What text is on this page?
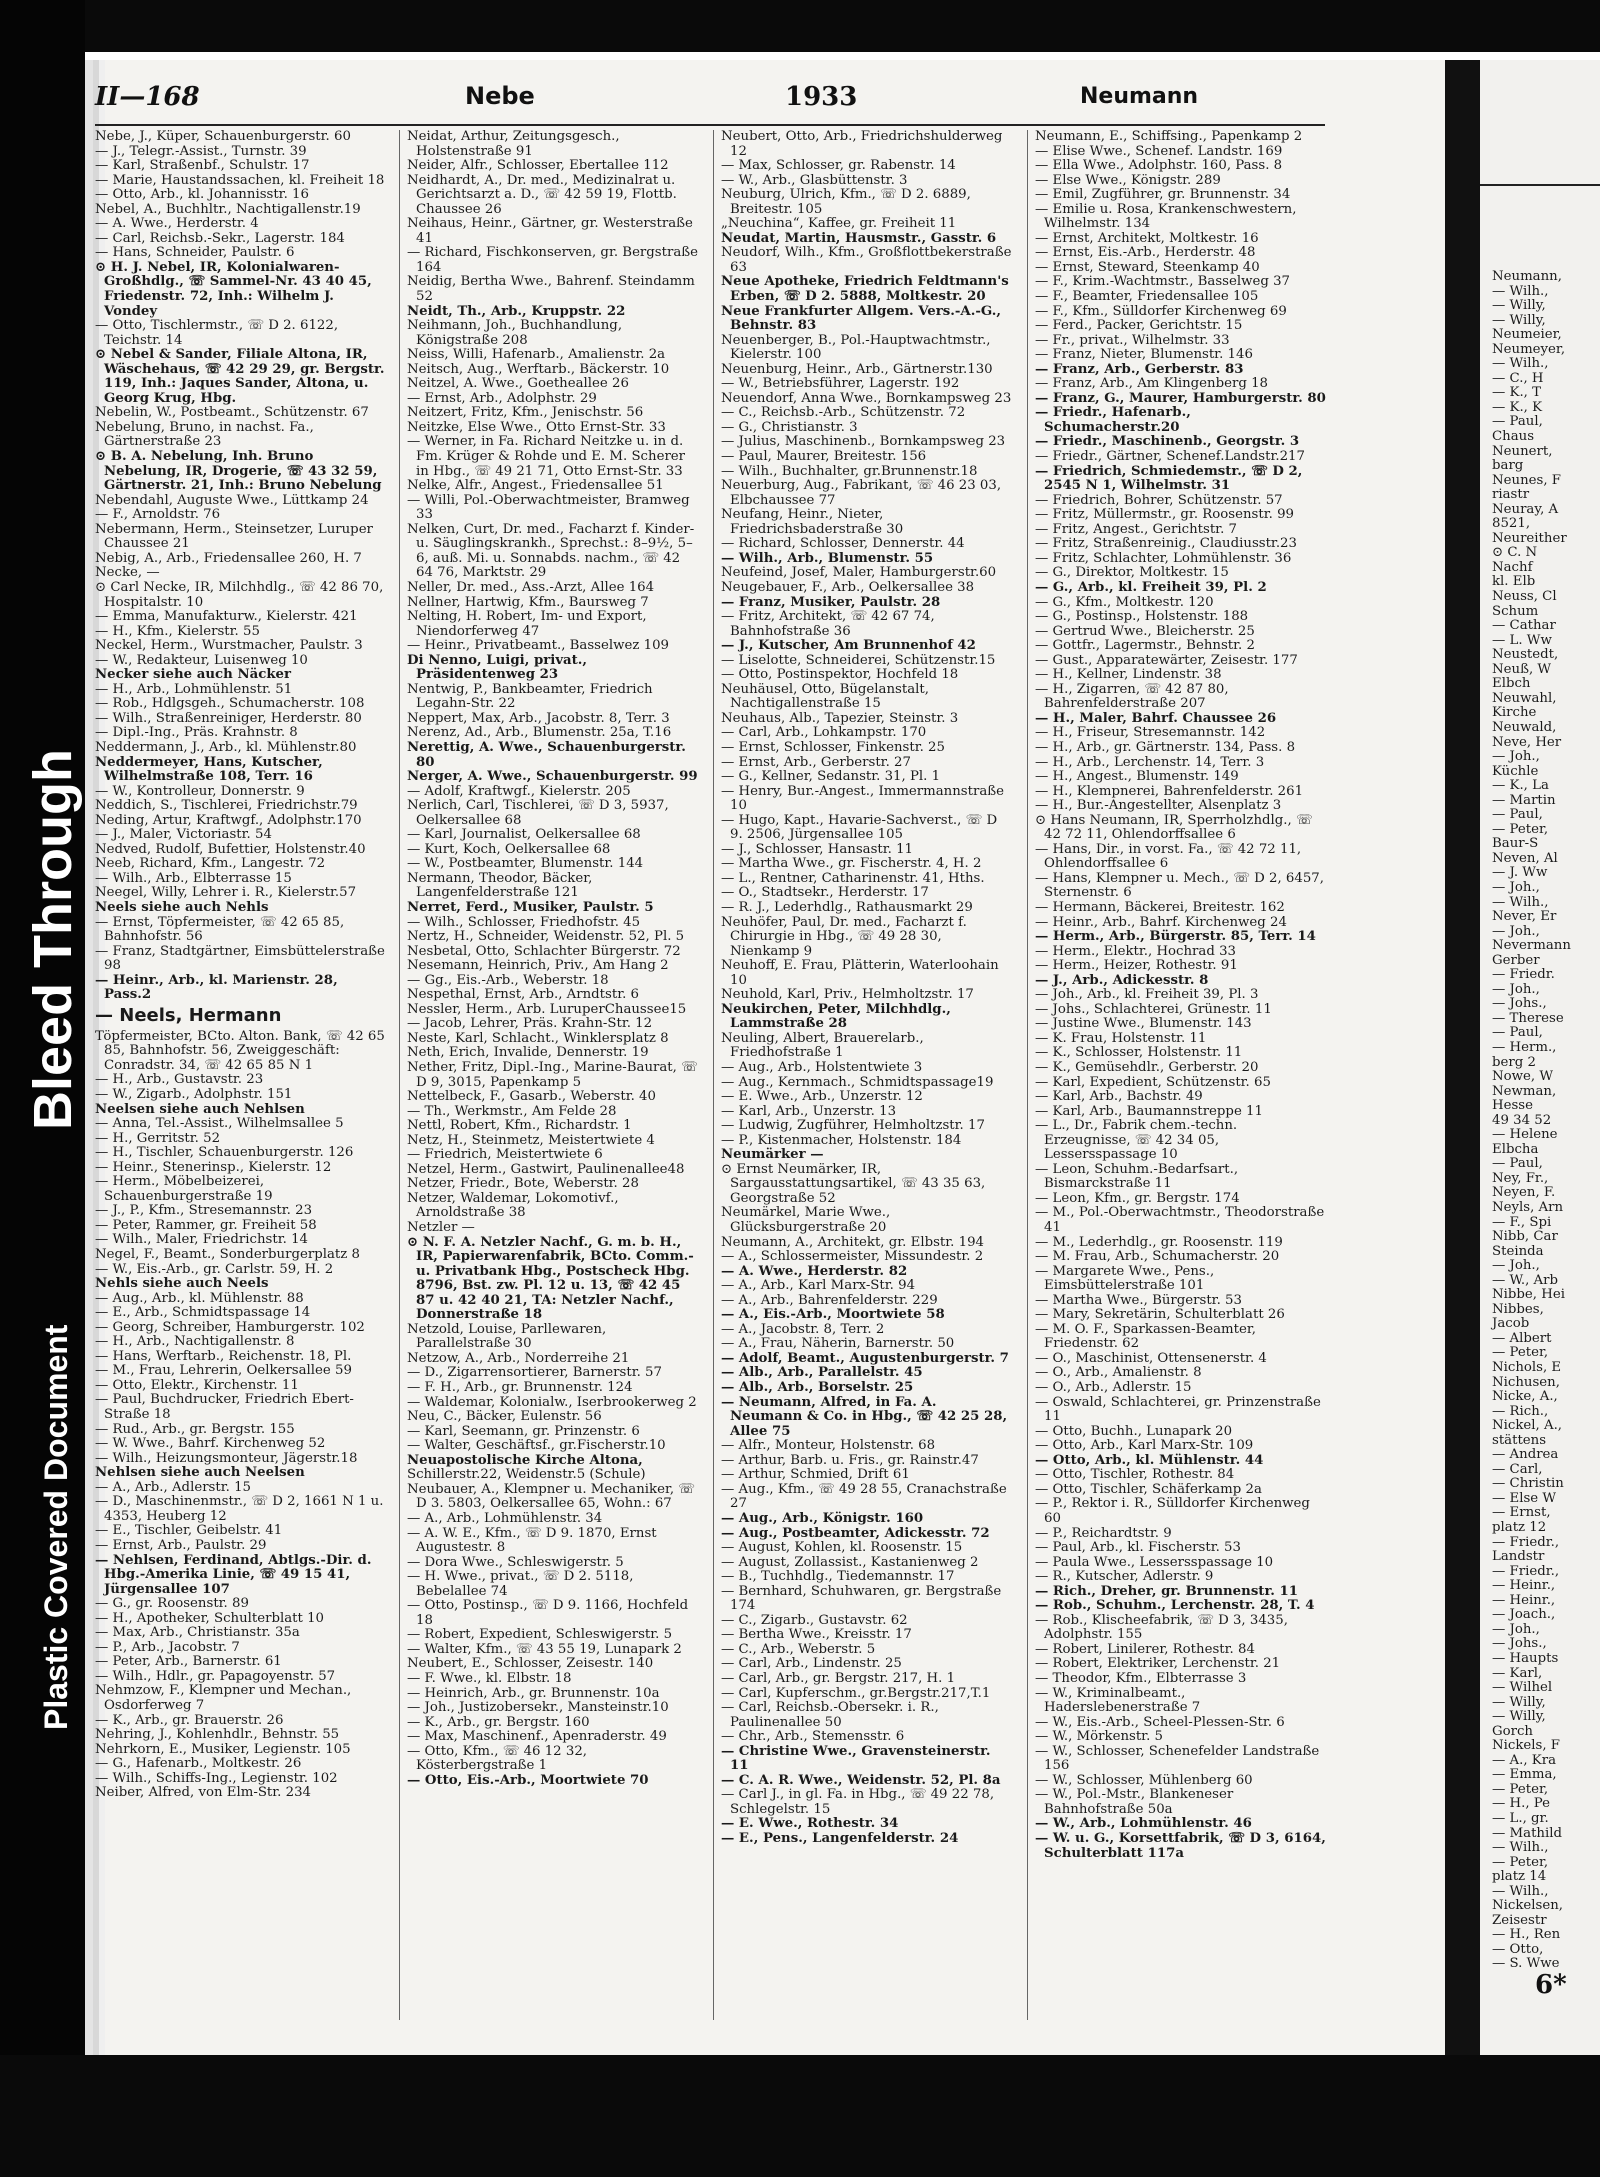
Bleed Through
Plastic Covered Document
II—168	Nebe	1933	Neumann
Nebe, J., Küper, Schauenburgerstr. 60
— J., Telegr.-Assist., Turnstr. 39
— Karl, Straßenbf., Schulstr. 17
— Marie, Haustandssachen, kl. Freiheit 18
— Otto, Arb., kl. Johannisstr. 16
Nebel, A., Buchhltr., Nachtigallenstr.19
— A. Wwe., Herderstr. 4
— Carl, Reichsb.-Sekr., Lagerstr. 184
— Hans, Schneider, Paulstr. 6
⊙ H. J. Nebel, IR, Kolonialwaren-Großhdlg., ☏ Sammel-Nr. 43 40 45, Friedenstr. 72, Inh.: Wilhelm J. Vondey
— Otto, Tischlermstr., ☏ D 2. 6122, Teichstr. 14
⊙ Nebel & Sander, Filiale Altona, IR, Wäschehaus, ☏ 42 29 29, gr. Bergstr. 119, Inh.: Jaques Sander, Altona, u. Georg Krug, Hbg.
Nebelin, W., Postbeamt., Schützenstr. 67
Nebelung, Bruno, in nachst. Fa., Gärtnerstraße 23
⊙ B. A. Nebelung, Inh. Bruno Nebelung, IR, Drogerie, ☏ 43 32 59, Gärtnerstr. 21, Inh.: Bruno Nebelung
Nebendahl, Auguste Wwe., Lüttkamp 24
— F., Arnoldstr. 76
Nebermann, Herm., Steinsetzer, Luruper Chaussee 21
Nebig, A., Arb., Friedensallee 260, H. 7
Necke, —
⊙ Carl Necke, IR, Milchhdlg., ☏ 42 86 70, Hospitalstr. 10
— Emma, Manufakturw., Kielerstr. 421
— H., Kfm., Kielerstr. 55
Neckel, Herm., Wurstmacher, Paulstr. 3
— W., Redakteur, Luisenweg 10
Necker siehe auch Näcker
— H., Arb., Lohmühlenstr. 51
— Rob., Hdlgsgeh., Schumacherstr. 108
— Wilh., Straßenreiniger, Herderstr. 80
— Dipl.-Ing., Präs. Krahnstr. 8
Neddermann, J., Arb., kl. Mühlenstr.80
Neddermeyer, Hans, Kutscher, Wilhelmstraße 108, Terr. 16
— W., Kontrolleur, Donnerstr. 9
Neddich, S., Tischlerei, Friedrichstr.79
Neding, Artur, Kraftwgf., Adolphstr.170
— J., Maler, Victoriastr. 54
Nedved, Rudolf, Bufettier, Holstenstr.40
Neeb, Richard, Kfm., Langestr. 72
— Wilh., Arb., Elbterrasse 15
Neegel, Willy, Lehrer i. R., Kielerstr.57
Neels siehe auch Nehls
— Ernst, Töpfermeister, ☏ 42 65 85, Bahnhofstr. 56
— Franz, Stadtgärtner, Eimsbüttelerstraße 98
— Heinr., Arb., kl. Marienstr. 28, Pass.2
— Neels, Hermann
Töpfermeister, BCto. Alton. Bank, ☏ 42 65 85, Bahnhofstr. 56, Zweiggeschäft: Conradstr. 34, ☏ 42 65 85 N 1
— H., Arb., Gustavstr. 23
— W., Zigarb., Adolphstr. 151
Neelsen siehe auch Nehlsen
— Anna, Tel.-Assist., Wilhelmsallee 5
— H., Gerritstr. 52
— H., Tischler, Schauenburgerstr. 126
— Heinr., Stenerinsp., Kielerstr. 12
— Herm., Möbelbeizerei, Schauenburgerstraße 19
— J., P., Kfm., Stresemannstr. 23
— Peter, Rammer, gr. Freiheit 58
— Wilh., Maler, Friedrichstr. 14
Negel, F., Beamt., Sonderburgerplatz 8
— W., Eis.-Arb., gr. Carlstr. 59, H. 2
Nehls siehe auch Neels
— Aug., Arb., kl. Mühlenstr. 88
— E., Arb., Schmidtspassage 14
— Georg, Schreiber, Hamburgerstr. 102
— H., Arb., Nachtigallenstr. 8
— Hans, Werftarb., Reichenstr. 18, Pl.
— M., Frau, Lehrerin, Oelkersallee 59
— Otto, Elektr., Kirchenstr. 11
— Paul, Buchdrucker, Friedrich Ebert-Straße 18
— Rud., Arb., gr. Bergstr. 155
— W. Wwe., Bahrf. Kirchenweg 52
— Wilh., Heizungsmonteur, Jägerstr.18
Nehlsen siehe auch Neelsen
— A., Arb., Adlerstr. 15
— D., Maschinenmstr., ☏ D 2, 1661 N 1 u. 4353, Heuberg 12
— E., Tischler, Geibelstr. 41
— Ernst, Arb., Paulstr. 29
— Nehlsen, Ferdinand, Abtlgs.-Dir. d. Hbg.-Amerika Linie, ☏ 49 15 41, Jürgensallee 107
— G., gr. Roosenstr. 89
— H., Apotheker, Schulterblatt 10
— Max, Arb., Christianstr. 35a
— P., Arb., Jacobstr. 7
— Peter, Arb., Barnerstr. 61
— Wilh., Hdlr., gr. Papagoyenstr. 57
Nehmzow, F., Klempner und Mechan., Osdorferweg 7
— K., Arb., gr. Brauerstr. 26
Nehring, J., Kohlenhdlr., Behnstr. 55
Nehrkorn, E., Musiker, Legienstr. 105
— G., Hafenarb., Moltkestr. 26
— Wilh., Schiffs-Ing., Legienstr. 102
Neiber, Alfred, von Elm-Str. 234
Neidat, Arthur, Zeitungsgesch., Holstenstraße 91
Neider, Alfr., Schlosser, Ebertallee 112
Neidhardt, A., Dr. med., Medizinalrat u. Gerichtsarzt a. D., ☏ 42 59 19, Flottb. Chaussee 26
Neihaus, Heinr., Gärtner, gr. Westerstraße 41
— Richard, Fischkonserven, gr. Bergstraße 164
Neidig, Bertha Wwe., Bahrenf. Steindamm 52
Neidt, Th., Arb., Kruppstr. 22
Neihmann, Joh., Buchhandlung, Königstraße 208
Neiss, Willi, Hafenarb., Amalienstr. 2a
Neitsch, Aug., Werftarb., Bäckerstr. 10
Neitzel, A. Wwe., Goetheallee 26
— Ernst, Arb., Adolphstr. 29
Neitzert, Fritz, Kfm., Jenischstr. 56
Neitzke, Else Wwe., Otto Ernst-Str. 33
— Werner, in Fa. Richard Neitzke u. in d. Fm. Krüger & Rohde und E. M. Scherer in Hbg., ☏ 49 21 71, Otto Ernst-Str. 33
Nelke, Alfr., Angest., Friedensallee 51
— Willi, Pol.-Oberwachtmeister, Bramweg 33
Nelken, Curt, Dr. med., Facharzt f. Kinder- u. Säuglingskrankh., Sprechst.: 8–9½, 5–6, auß. Mi. u. Sonnabds. nachm., ☏ 42 64 76, Marktstr. 29
Neller, Dr. med., Ass.-Arzt, Allee 164
Nellner, Hartwig, Kfm., Baursweg 7
Nelting, H. Robert, Im- und Export, Niendorferweg 47
— Heinr., Privatbeamt., Basselwez 109
Di Nenno, Luigi, privat., Präsidentenweg 23
Nentwig, P., Bankbeamter, Friedrich Legahn-Str. 22
Neppert, Max, Arb., Jacobstr. 8, Terr. 3
Nerenz, Ad., Arb., Blumenstr. 25a, T.16
Nerettig, A. Wwe., Schauenburgerstr. 80
Nerger, A. Wwe., Schauenburgerstr. 99
— Adolf, Kraftwgf., Kielerstr. 205
Nerlich, Carl, Tischlerei, ☏ D 3, 5937, Oelkersallee 68
— Karl, Journalist, Oelkersallee 68
— Kurt, Koch, Oelkersallee 68
— W., Postbeamter, Blumenstr. 144
Nermann, Theodor, Bäcker, Langenfelderstraße 121
Nerret, Ferd., Musiker, Paulstr. 5
— Wilh., Schlosser, Friedhofstr. 45
Nertz, H., Schneider, Weidenstr. 52, Pl. 5
Nesbetal, Otto, Schlachter Bürgerstr. 72
Nesemann, Heinrich, Priv., Am Hang 2
— Gg., Eis.-Arb., Weberstr. 18
Nespethal, Ernst, Arb., Arndtstr. 6
Nessler, Herm., Arb. LuruperChaussee15
— Jacob, Lehrer, Präs. Krahn-Str. 12
Neste, Karl, Schlacht., Winklersplatz 8
Neth, Erich, Invalide, Dennerstr. 19
Nether, Fritz, Dipl.-Ing., Marine-Baurat, ☏ D 9, 3015, Papenkamp 5
Nettelbeck, F., Gasarb., Weberstr. 40
— Th., Werkmstr., Am Felde 28
Nettl, Robert, Kfm., Richardstr. 1
Netz, H., Steinmetz, Meistertwiete 4
— Friedrich, Meistertwiete 6
Netzel, Herm., Gastwirt, Paulinenallee48
Netzer, Friedr., Bote, Weberstr. 28
Netzer, Waldemar, Lokomotivf., Arnoldstraße 38
Netzler —
⊙ N. F. A. Netzler Nachf., G. m. b. H., IR, Papierwarenfabrik, BCto. Comm.- u. Privatbank Hbg., Postscheck Hbg. 8796, Bst. zw. Pl. 12 u. 13, ☏ 42 45 87 u. 42 40 21, TA: Netzler Nachf., Donnerstraße 18
Netzold, Louise, Parllewaren, Parallelstraße 30
Netzow, A., Arb., Norderreihe 21
— D., Zigarrensortierer, Barnerstr. 57
— F. H., Arb., gr. Brunnenstr. 124
— Waldemar, Kolonialw., Iserbrookerweg 2
Neu, C., Bäcker, Eulenstr. 56
— Karl, Seemann, gr. Prinzenstr. 6
— Walter, Geschäftsf., gr.Fischerstr.10
Neuapostolische Kirche Altona,
Schillerstr.22, Weidenstr.5 (Schule)
Neubauer, A., Klempner u. Mechaniker, ☏ D 3. 5803, Oelkersallee 65, Wohn.: 67
— A., Arb., Lohmühlenstr. 34
— A. W. E., Kfm., ☏ D 9. 1870, Ernst Augustestr. 8
— Dora Wwe., Schleswigerstr. 5
— H. Wwe., privat., ☏ D 2. 5118, Bebelallee 74
— Otto, Postinsp., ☏ D 9. 1166, Hochfeld 18
— Robert, Expedient, Schleswigerstr. 5
— Walter, Kfm., ☏ 43 55 19, Lunapark 2
Neubert, E., Schlosser, Zeisestr. 140
— F. Wwe., kl. Elbstr. 18
— Heinrich, Arb., gr. Brunnenstr. 10a
— Joh., Justizobersekr., Mansteinstr.10
— K., Arb., gr. Bergstr. 160
— Max, Maschinenf., Apenraderstr. 49
— Otto, Kfm., ☏ 46 12 32, Kösterbergstraße 1
— Otto, Eis.-Arb., Moortwiete 70
Neubert, Otto, Arb., Friedrichshulderweg 12
— Max, Schlosser, gr. Rabenstr. 14
— W., Arb., Glasbüttenstr. 3
Neuburg, Ulrich, Kfm., ☏ D 2. 6889, Breitestr. 105
„Neuchina“, Kaffee, gr. Freiheit 11
Neudat, Martin, Hausmstr., Gasstr. 6
Neudorf, Wilh., Kfm., Großflottbekerstraße 63
Neue Apotheke, Friedrich Feldtmann's Erben, ☏ D 2. 5888, Moltkestr. 20
Neue Frankfurter Allgem. Vers.-A.-G., Behnstr. 83
Neuenberger, B., Pol.-Hauptwachtmstr., Kielerstr. 100
Neuenburg, Heinr., Arb., Gärtnerstr.130
— W., Betriebsführer, Lagerstr. 192
Neuendorf, Anna Wwe., Bornkampsweg 23
— C., Reichsb.-Arb., Schützenstr. 72
— G., Christianstr. 3
— Julius, Maschinenb., Bornkampsweg 23
— Paul, Maurer, Breitestr. 156
— Wilh., Buchhalter, gr.Brunnenstr.18
Neuerburg, Aug., Fabrikant, ☏ 46 23 03, Elbchaussee 77
Neufang, Heinr., Nieter, Friedrichsbaderstraße 30
— Richard, Schlosser, Dennerstr. 44
— Wilh., Arb., Blumenstr. 55
Neufeind, Josef, Maler, Hamburgerstr.60
Neugebauer, F., Arb., Oelkersallee 38
— Franz, Musiker, Paulstr. 28
— Fritz, Architekt, ☏ 42 67 74, Bahnhofstraße 36
— J., Kutscher, Am Brunnenhof 42
— Liselotte, Schneiderei, Schützenstr.15
— Otto, Postinspektor, Hochfeld 18
Neuhäusel, Otto, Bügelanstalt, Nachtigallenstraße 15
Neuhaus, Alb., Tapezier, Steinstr. 3
— Carl, Arb., Lohkampstr. 170
— Ernst, Schlosser, Finkenstr. 25
— Ernst, Arb., Gerberstr. 27
— G., Kellner, Sedanstr. 31, Pl. 1
— Henry, Bur.-Angest., Immermannstraße 10
— Hugo, Kapt., Havarie-Sachverst., ☏ D 9. 2506, Jürgensallee 105
— J., Schlosser, Hansastr. 11
— Martha Wwe., gr. Fischerstr. 4, H. 2
— L., Rentner, Catharinenstr. 41, Hths.
— O., Stadtsekr., Herderstr. 17
— R. J., Lederhdlg., Rathausmarkt 29
Neuhöfer, Paul, Dr. med., Facharzt f. Chirurgie in Hbg., ☏ 49 28 30, Nienkamp 9
Neuhoff, E. Frau, Plätterin, Waterloohain 10
Neuhold, Karl, Priv., Helmholtzstr. 17
Neukirchen, Peter, Milchhdlg., Lammstraße 28
Neuling, Albert, Brauerelarb., Friedhofstraße 1
— Aug., Arb., Holstentwiete 3
— Aug., Kernmach., Schmidtspassage19
— E. Wwe., Arb., Unzerstr. 12
— Karl, Arb., Unzerstr. 13
— Ludwig, Zugführer, Helmholtzstr. 17
— P., Kistenmacher, Holstenstr. 184
Neumärker —
⊙ Ernst Neumärker, IR, Sargausstattungsartikel, ☏ 43 35 63, Georgstraße 52
Neumärkel, Marie Wwe., Glücksburgerstraße 20
Neumann, A., Architekt, gr. Elbstr. 194
— A., Schlossermeister, Missundestr. 2
— A. Wwe., Herderstr. 82
— A., Arb., Karl Marx-Str. 94
— A., Arb., Bahrenfelderstr. 229
— A., Eis.-Arb., Moortwiete 58
— A., Jacobstr. 8, Terr. 2
— A., Frau, Näherin, Barnerstr. 50
— Adolf, Beamt., Augustenburgerstr. 7
— Alb., Arb., Parallelstr. 45
— Alb., Arb., Borselstr. 25
— Neumann, Alfred, in Fa. A. Neumann & Co. in Hbg., ☏ 42 25 28, Allee 75
— Alfr., Monteur, Holstenstr. 68
— Arthur, Barb. u. Fris., gr. Rainstr.47
— Arthur, Schmied, Drift 61
— Aug., Kfm., ☏ 49 28 55, Cranachstraße 27
— Aug., Arb., Königstr. 160
— Aug., Postbeamter, Adickesstr. 72
— August, Kohlen, kl. Roosenstr. 15
— August, Zollassist., Kastanienweg 2
— B., Tuchhdlg., Tiedemannstr. 17
— Bernhard, Schuhwaren, gr. Bergstraße 174
— C., Zigarb., Gustavstr. 62
— Bertha Wwe., Kreisstr. 17
— C., Arb., Weberstr. 5
— Carl, Arb., Lindenstr. 25
— Carl, Arb., gr. Bergstr. 217, H. 1
— Carl, Kupferschm., gr.Bergstr.217,T.1
— Carl, Reichsb.-Obersekr. i. R., Paulinenallee 50
— Chr., Arb., Stemensstr. 6
— Christine Wwe., Gravensteinerstr. 11
— C. A. R. Wwe., Weidenstr. 52, Pl. 8a
— Carl J., in gl. Fa. in Hbg., ☏ 49 22 78, Schlegelstr. 15
— E. Wwe., Rothestr. 34
— E., Pens., Langenfelderstr. 24
Neumann, E., Schiffsing., Papenkamp 2
— Elise Wwe., Schenef. Landstr. 169
— Ella Wwe., Adolphstr. 160, Pass. 8
— Else Wwe., Königstr. 289
— Emil, Zugführer, gr. Brunnenstr. 34
— Emilie u. Rosa, Krankenschwestern, Wilhelmstr. 134
— Ernst, Architekt, Moltkestr. 16
— Ernst, Eis.-Arb., Herderstr. 48
— Ernst, Steward, Steenkamp 40
— F., Krim.-Wachtmstr., Basselweg 37
— F., Beamter, Friedensallee 105
— F., Kfm., Sülldorfer Kirchenweg 69
— Ferd., Packer, Gerichtstr. 15
— Fr., privat., Wilhelmstr. 33
— Franz, Nieter, Blumenstr. 146
— Franz, Arb., Gerberstr. 83
— Franz, Arb., Am Klingenberg 18
— Franz, G., Maurer, Hamburgerstr. 80
— Friedr., Hafenarb., Schumacherstr.20
— Friedr., Maschinenb., Georgstr. 3
— Friedr., Gärtner, Schenef.Landstr.217
— Friedrich, Schmiedemstr., ☏ D 2, 2545 N 1, Wilhelmstr. 31
— Friedrich, Bohrer, Schützenstr. 57
— Fritz, Müllermstr., gr. Roosenstr. 99
— Fritz, Angest., Gerichtstr. 7
— Fritz, Straßenreinig., Claudiusstr.23
— Fritz, Schlachter, Lohmühlenstr. 36
— G., Direktor, Moltkestr. 15
— G., Arb., kl. Freiheit 39, Pl. 2
— G., Kfm., Moltkestr. 120
— G., Postinsp., Holstenstr. 188
— Gertrud Wwe., Bleicherstr. 25
— Gottfr., Lagermstr., Behnstr. 2
— Gust., Apparatewärter, Zeisestr. 177
— H., Kellner, Lindenstr. 38
— H., Zigarren, ☏ 42 87 80, Bahrenfelderstraße 207
— H., Maler, Bahrf. Chaussee 26
— H., Friseur, Stresemannstr. 142
— H., Arb., gr. Gärtnerstr. 134, Pass. 8
— H., Arb., Lerchenstr. 14, Terr. 3
— H., Angest., Blumenstr. 149
— H., Klempnerei, Bahrenfelderstr. 261
— H., Bur.-Angestellter, Alsenplatz 3
⊙ Hans Neumann, IR, Sperrholzhdlg., ☏ 42 72 11, Ohlendorffsallee 6
— Hans, Dir., in vorst. Fa., ☏ 42 72 11, Ohlendorffsallee 6
— Hans, Klempner u. Mech., ☏ D 2, 6457, Sternenstr. 6
— Hermann, Bäckerei, Breitestr. 162
— Heinr., Arb., Bahrf. Kirchenweg 24
— Herm., Arb., Bürgerstr. 85, Terr. 14
— Herm., Elektr., Hochrad 33
— Herm., Heizer, Rothestr. 91
— J., Arb., Adickesstr. 8
— Joh., Arb., kl. Freiheit 39, Pl. 3
— Johs., Schlachterei, Grünestr. 11
— Justine Wwe., Blumenstr. 143
— K. Frau, Holstenstr. 11
— K., Schlosser, Holstenstr. 11
— K., Gemüsehdlr., Gerberstr. 20
— Karl, Expedient, Schützenstr. 65
— Karl, Arb., Bachstr. 49
— Karl, Arb., Baumannstreppe 11
— L., Dr., Fabrik chem.-techn. Erzeugnisse, ☏ 42 34 05, Lessersspassage 10
— Leon, Schuhm.-Bedarfsart., Bismarckstraße 11
— Leon, Kfm., gr. Bergstr. 174
— M., Pol.-Oberwachtmstr., Theodorstraße 41
— M., Lederhdlg., gr. Roosenstr. 119
— M. Frau, Arb., Schumacherstr. 20
— Margarete Wwe., Pens., Eimsbüttelerstraße 101
— Martha Wwe., Bürgerstr. 53
— Mary, Sekretärin, Schulterblatt 26
— M. O. F., Sparkassen-Beamter, Friedenstr. 62
— O., Maschinist, Ottensenerstr. 4
— O., Arb., Amalienstr. 8
— O., Arb., Adlerstr. 15
— Oswald, Schlachterei, gr. Prinzenstraße 11
— Otto, Buchh., Lunapark 20
— Otto, Arb., Karl Marx-Str. 109
— Otto, Arb., kl. Mühlenstr. 44
— Otto, Tischler, Rothestr. 84
— Otto, Tischler, Schäferkamp 2a
— P., Rektor i. R., Sülldorfer Kirchenweg 60
— P., Reichardtstr. 9
— Paul, Arb., kl. Fischerstr. 53
— Paula Wwe., Lessersspassage 10
— R., Kutscher, Adlerstr. 9
— Rich., Dreher, gr. Brunnenstr. 11
— Rob., Schuhm., Lerchenstr. 28, T. 4
— Rob., Klischeefabrik, ☏ D 3, 3435, Adolphstr. 155
— Robert, Linilerer, Rothestr. 84
— Robert, Elektriker, Lerchenstr. 21
— Theodor, Kfm., Elbterrasse 3
— W., Kriminalbeamt., Haderslebenerstraße 7
— W., Eis.-Arb., Scheel-Plessen-Str. 6
— W., Mörkenstr. 5
— W., Schlosser, Schenefelder Landstraße 156
— W., Schlosser, Mühlenberg 60
— W., Pol.-Mstr., Blankeneser Bahnhofstraße 50a
— W., Arb., Lohmühlenstr. 46
— W. u. G., Korsettfabrik, ☏ D 3, 6164, Schulterblatt 117a
Neumann,
— Wilh.,
— Willy,
— Willy,
Neumeier,
Neumeyer,
— Wilh.,
— C., H
— K., T
— K., K
— Paul,
Chaus
Neunert,
barg
Neunes, F
riastr
Neuray, A
8521,
Neureither
⊙ C. N
Nachf
kl. Elb
Neuss, Cl
Schum
— Cathar
— L. Ww
Neustedt,
Neuß, W
Elbch
Neuwahl,
Kirche
Neuwald,
Neve, Her
— Joh.,
Küchle
— K., La
— Martin
— Paul,
— Peter,
Baur-S
Neven, Al
— J. Ww
— Joh.,
— Wilh.,
Never, Er
— Joh.,
Nevermann
Gerber
— Friedr.
— Joh.,
— Johs.,
— Therese
— Paul,
— Herm.,
berg 2
Nowe, W
Newman,
Hesse
49 34 52
— Helene
Elbcha
— Paul,
Ney, Fr.,
Neyen, F.
Neyls, Arn
— F., Spi
Nibb, Car
Steinda
— Joh.,
— W., Arb
Nibbe, Hei
Nibbes,
Jacob
— Albert
— Peter,
Nichols, E
Nichusen,
Nicke, A.,
— Rich.,
Nickel, A.,
stättens
— Andrea
— Carl,
— Christin
— Else W
— Ernst,
platz 12
— Friedr.,
Landstr
— Friedr.,
— Heinr.,
— Heinr.,
— Joach.,
— Joh.,
— Johs.,
— Haupts
— Karl,
— Wilhel
— Willy,
— Willy,
Gorch
Nickels, F
— A., Kra
— Emma,
— Peter,
— H., Pe
— L., gr.
— Mathild
— Wilh.,
— Peter,
platz 14
— Wilh.,
Nickelsen,
Zeisestr
— H., Ren
— Otto,
— S. Wwe
6*
